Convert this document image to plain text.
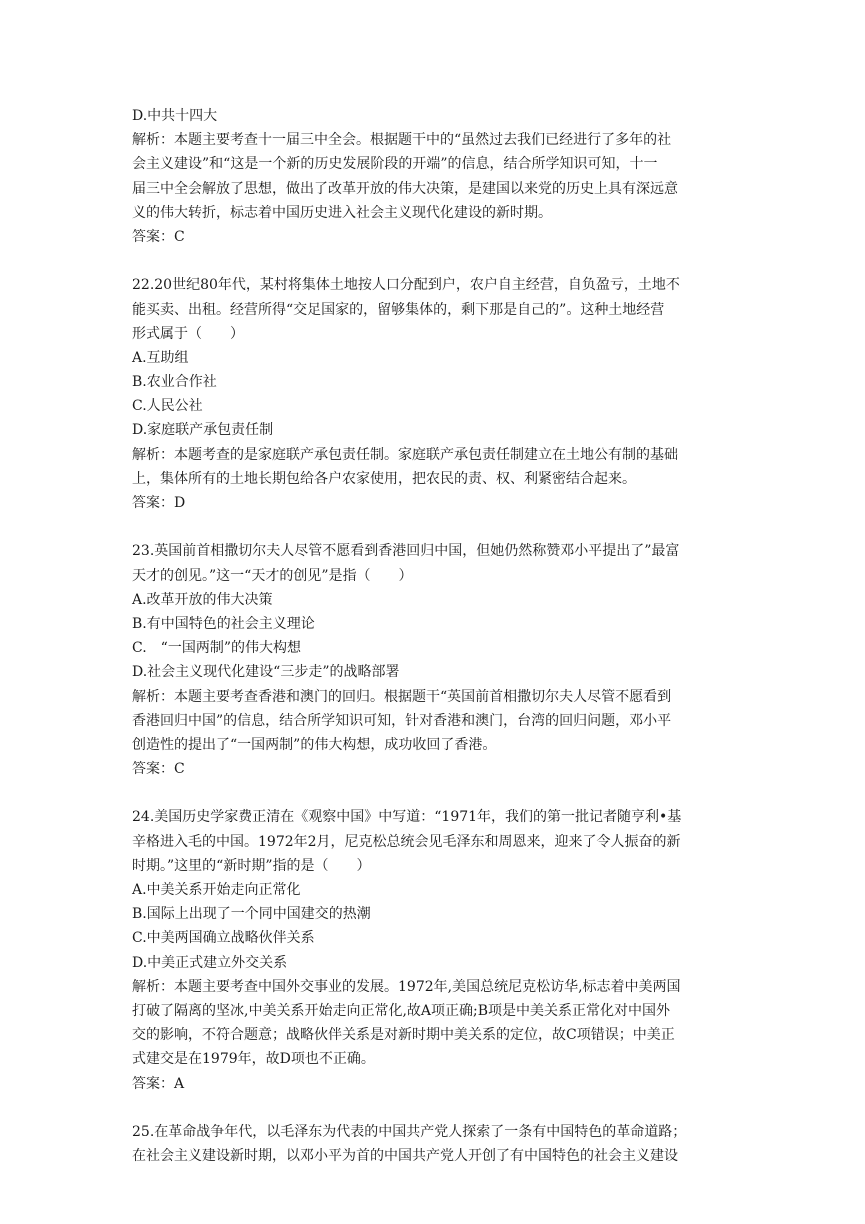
D.中共十四大
解析：本题主要考查十一届三中全会。根据题干中的“虽然过去我们已经进行了多年的社
会主义建设”和“这是一个新的历史发展阶段的开端”的信息，结合所学知识可知，十一
届三中全会解放了思想，做出了改革开放的伟大决策，是建国以来党的历史上具有深远意
义的伟大转折，标志着中国历史进入社会主义现代化建设的新时期。
答案：C
22.20世纪80年代，某村将集体土地按人口分配到户，农户自主经营，自负盈亏，土地不
能买卖、出租。经营所得“交足国家的，留够集体的，剩下那是自己的”。这种土地经营
形式属于（　　）
A.互助组
B.农业合作社
C.人民公社
D.家庭联产承包责任制
解析：本题考查的是家庭联产承包责任制。家庭联产承包责任制建立在土地公有制的基础
上，集体所有的土地长期包给各户农家使用，把农民的责、权、利紧密结合起来。
答案：D
23.英国前首相撒切尔夫人尽管不愿看到香港回归中国，但她仍然称赞邓小平提出了”最富
天才的创见。”这一“天才的创见”是指（　　）
A.改革开放的伟大决策
B.有中国特色的社会主义理论
C.　“一国两制”的伟大构想
D.社会主义现代化建设“三步走”的战略部署
解析：本题主要考查香港和澳门的回归。根据题干“英国前首相撒切尔夫人尽管不愿看到
香港回归中国”的信息，结合所学知识可知，针对香港和澳门，台湾的回归问题，邓小平
创造性的提出了“一国两制”的伟大构想，成功收回了香港。
答案：C
24.美国历史学家费正清在《观察中国》中写道：“1971年，我们的第一批记者随亨利•基
辛格进入毛的中国。1972年2月，尼克松总统会见毛泽东和周恩来，迎来了令人振奋的新
时期。”这里的“新时期”指的是（　　）
A.中美关系开始走向正常化
B.国际上出现了一个同中国建交的热潮
C.中美两国确立战略伙伴关系
D.中美正式建立外交关系
解析：本题主要考查中国外交事业的发展。1972年,美国总统尼克松访华,标志着中美两国
打破了隔离的坚冰,中美关系开始走向正常化,故A项正确;B项是中美关系正常化对中国外
交的影响，不符合题意；战略伙伴关系是对新时期中美关系的定位，故C项错误；中美正
式建交是在1979年，故D项也不正确。
答案：A
25.在革命战争年代，以毛泽东为代表的中国共产党人探索了一条有中国特色的革命道路；
在社会主义建设新时期，以邓小平为首的中国共产党人开创了有中国特色的社会主义建设
